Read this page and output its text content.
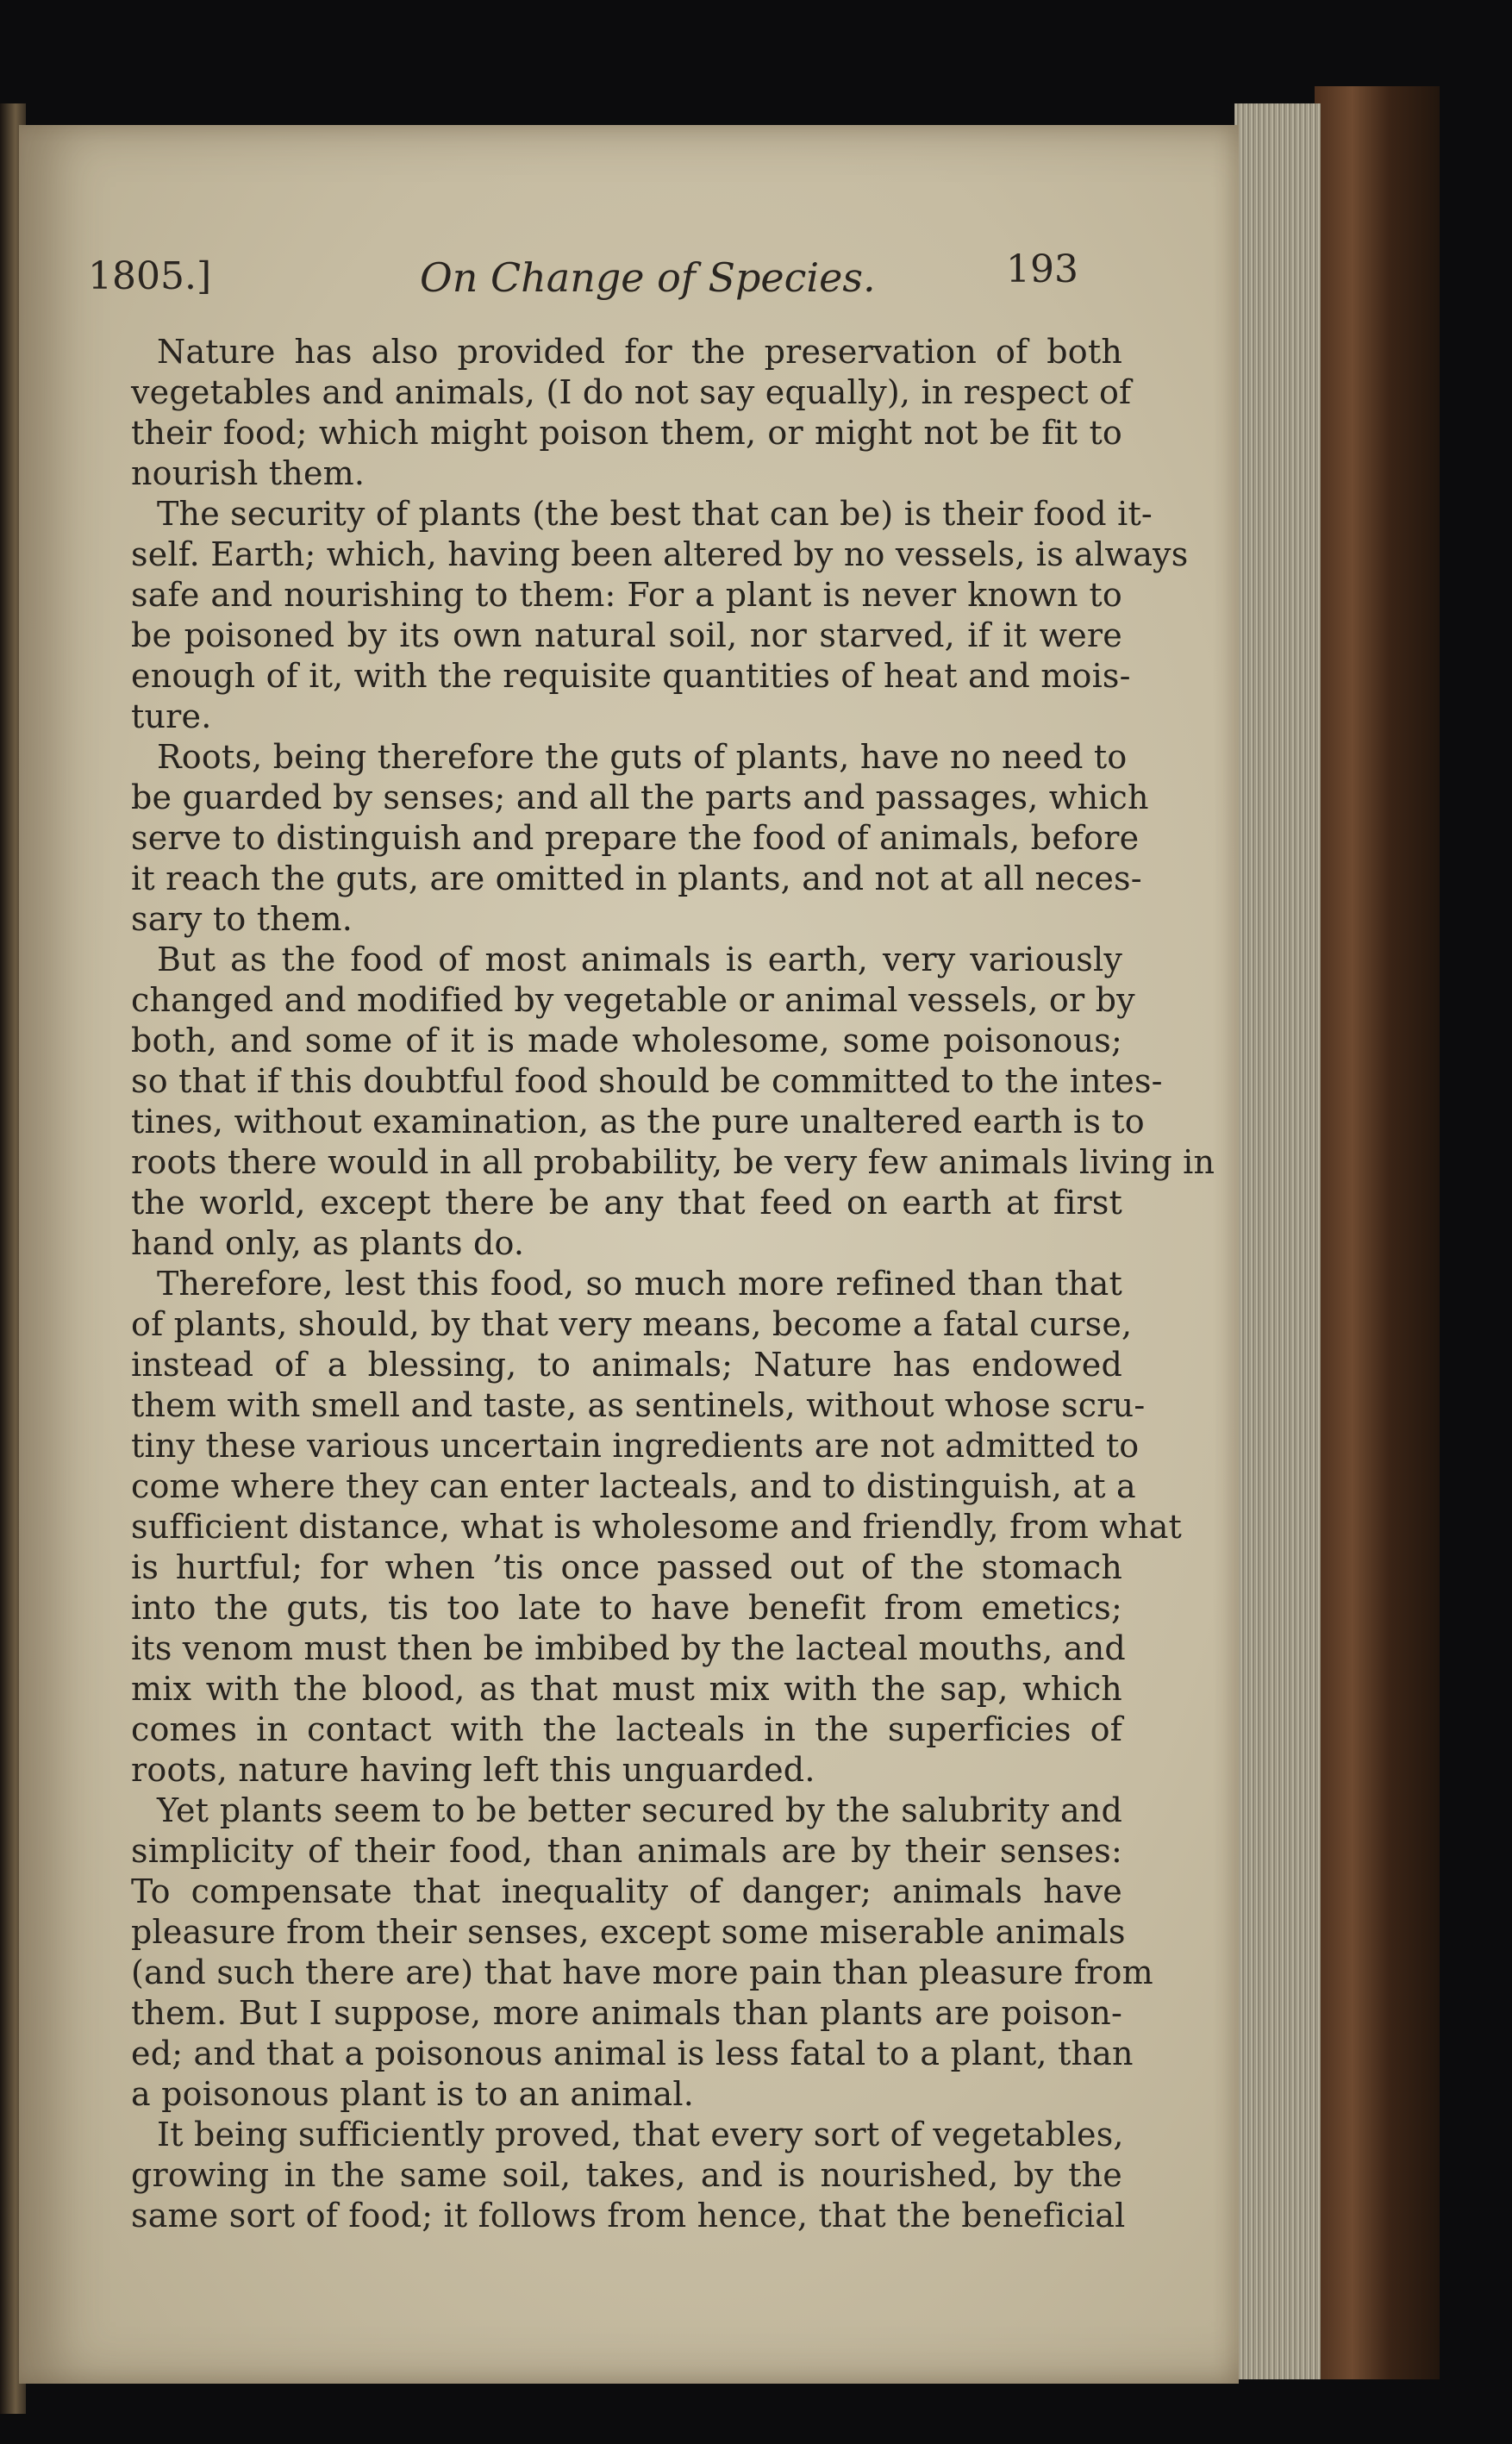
1805.]	On Change of Species.	193
Nature has also provided for the preservation of both
vegetables and animals, (I do not say equally), in respect of
their food; which might poison them, or might not be fit to
nourish them.
The security of plants (the best that can be) is their food it-
self. Earth; which, having been altered by no vessels, is always
safe and nourishing to them: For a plant is never known to
be poisoned by its own natural soil, nor starved, if it were
enough of it, with the requisite quantities of heat and mois-
ture.
Roots, being therefore the guts of plants, have no need to
be guarded by senses; and all the parts and passages, which
serve to distinguish and prepare the food of animals, before
it reach the guts, are omitted in plants, and not at all neces-
sary to them.
But as the food of most animals is earth, very variously
changed and modified by vegetable or animal vessels, or by
both, and some of it is made wholesome, some poisonous;
so that if this doubtful food should be committed to the intes-
tines, without examination, as the pure unaltered earth is to
roots there would in all probability, be very few animals living in
the world, except there be any that feed on earth at first
hand only, as plants do.
Therefore, lest this food, so much more refined than that
of plants, should, by that very means, become a fatal curse,
instead of a blessing, to animals; Nature has endowed
them with smell and taste, as sentinels, without whose scru-
tiny these various uncertain ingredients are not admitted to
come where they can enter lacteals, and to distinguish, at a
sufficient distance, what is wholesome and friendly, from what
is hurtful; for when ’tis once passed out of the stomach
into the guts, tis too late to have benefit from emetics;
its venom must then be imbibed by the lacteal mouths, and
mix with the blood, as that must mix with the sap, which
comes in contact with the lacteals in the superficies of
roots, nature having left this unguarded.
Yet plants seem to be better secured by the salubrity and
simplicity of their food, than animals are by their senses:
To compensate that inequality of danger; animals have
pleasure from their senses, except some miserable animals
(and such there are) that have more pain than pleasure from
them. But I suppose, more animals than plants are poison-
ed; and that a poisonous animal is less fatal to a plant, than
a poisonous plant is to an animal.
It being sufficiently proved, that every sort of vegetables,
growing in the same soil, takes, and is nourished, by the
same sort of food; it follows from hence, that the beneficial
